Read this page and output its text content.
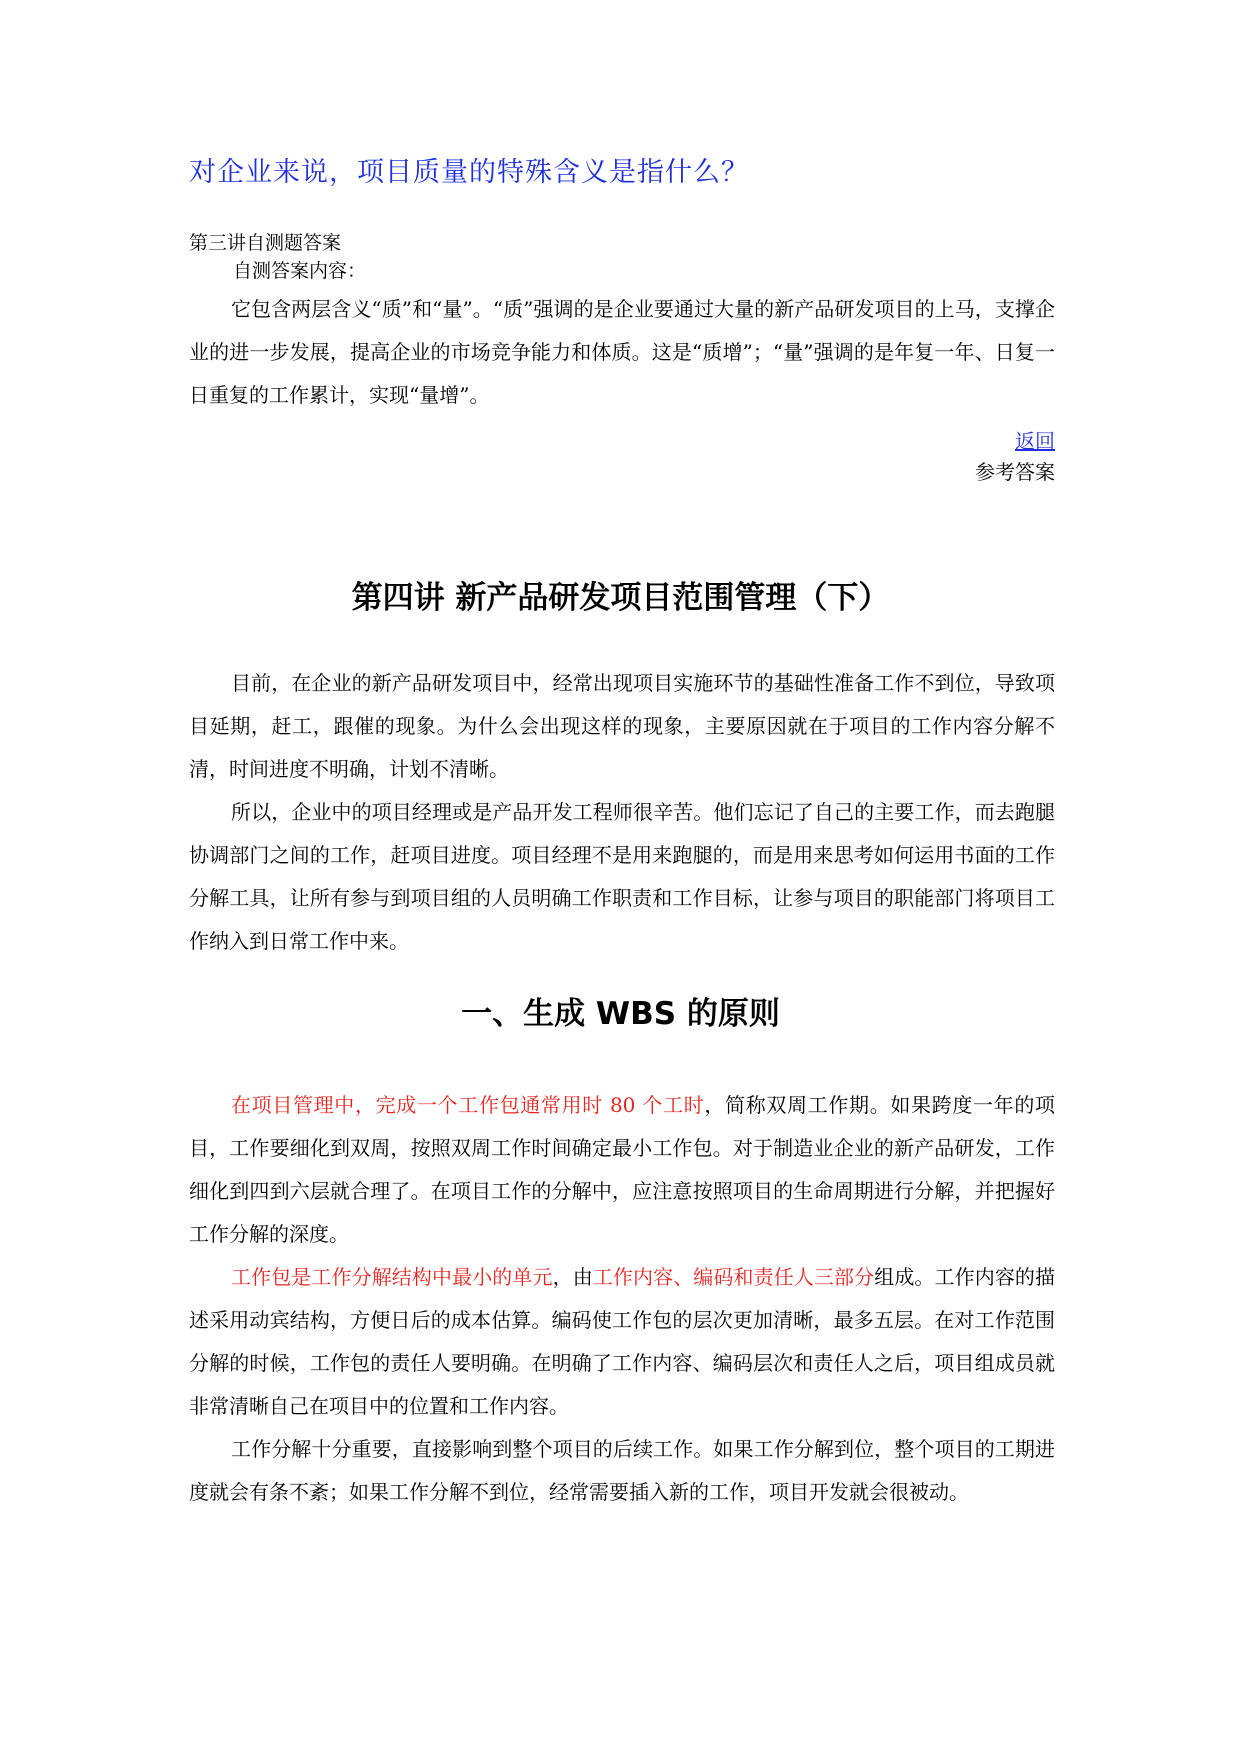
对企业来说，项目质量的特殊含义是指什么？
第三讲自测题答案
自测答案内容：
它包含两层含义“质”和“量”。“质”强调的是企业要通过大量的新产品研发项目的上马，支撑企业的进一步发展，提高企业的市场竞争能力和体质。这是“质增”；“量”强调的是年复一年、日复一日重复的工作累计，实现“量增”。
返回
参考答案
第四讲 新产品研发项目范围管理（下）
目前，在企业的新产品研发项目中，经常出现项目实施环节的基础性准备工作不到位，导致项目延期，赶工，跟催的现象。为什么会出现这样的现象，主要原因就在于项目的工作内容分解不清，时间进度不明确，计划不清晰。
所以，企业中的项目经理或是产品开发工程师很辛苦。他们忘记了自己的主要工作，而去跑腿协调部门之间的工作，赶项目进度。项目经理不是用来跑腿的，而是用来思考如何运用书面的工作分解工具，让所有参与到项目组的人员明确工作职责和工作目标，让参与项目的职能部门将项目工作纳入到日常工作中来。
一、生成 WBS 的原则
在项目管理中，完成一个工作包通常用时 80 个工时，简称双周工作期。如果跨度一年的项目，工作要细化到双周，按照双周工作时间确定最小工作包。对于制造业企业的新产品研发，工作细化到四到六层就合理了。在项目工作的分解中，应注意按照项目的生命周期进行分解，并把握好工作分解的深度。
工作包是工作分解结构中最小的单元，由工作内容、编码和责任人三部分组成。工作内容的描述采用动宾结构，方便日后的成本估算。编码使工作包的层次更加清晰，最多五层。在对工作范围分解的时候，工作包的责任人要明确。在明确了工作内容、编码层次和责任人之后，项目组成员就非常清晰自己在项目中的位置和工作内容。
工作分解十分重要，直接影响到整个项目的后续工作。如果工作分解到位，整个项目的工期进度就会有条不紊；如果工作分解不到位，经常需要插入新的工作，项目开发就会很被动。
